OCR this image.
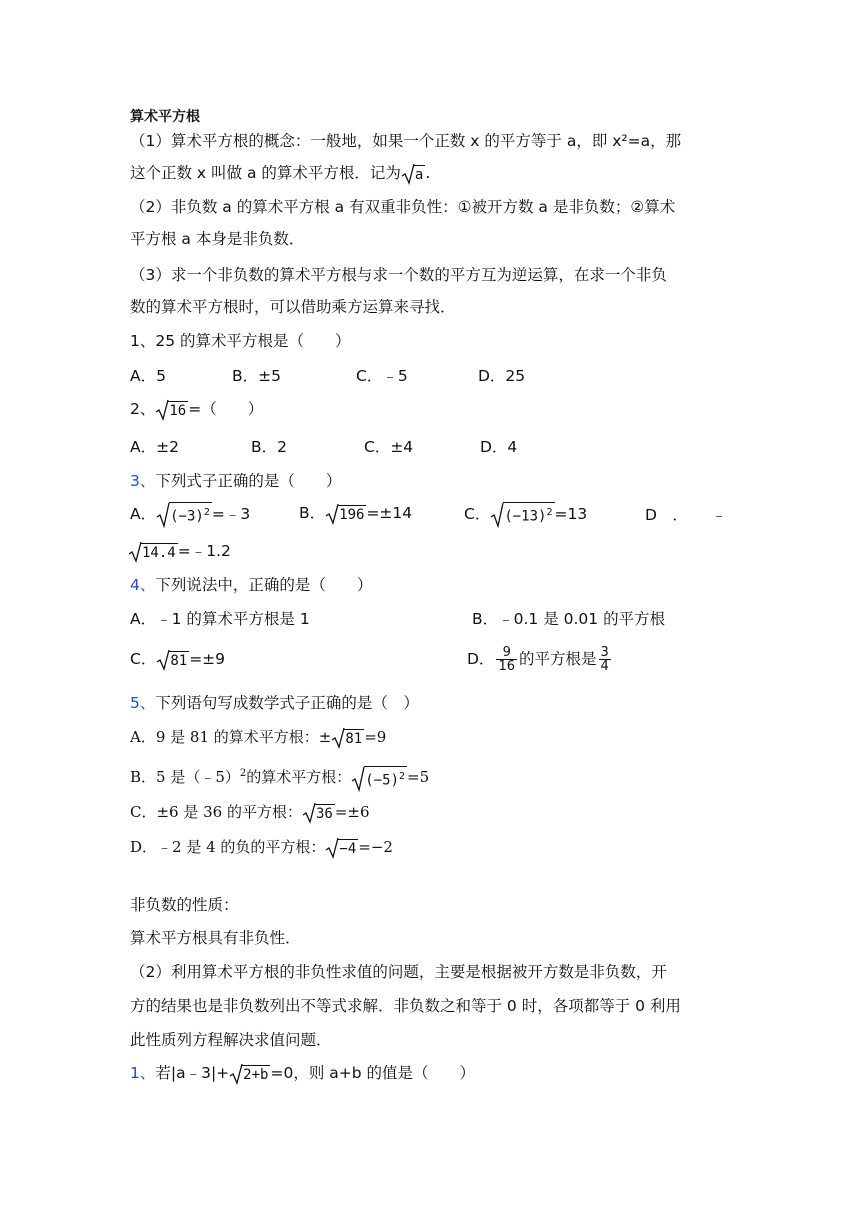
算术平方根
（1）算术平方根的概念：一般地，如果一个正数 x 的平方等于 a，即 x²=a，那
这个正数 x 叫做 a 的算术平方根．记为 a .
（2）非负数 a 的算术平方根 a 有双重非负性：①被开方数 a 是非负数；②算术
平方根 a 本身是非负数．
（3）求一个非负数的算术平方根与求一个数的平方互为逆运算，在求一个非负
数的算术平方根时，可以借助乘方运算来寻找．
1、25 的算术平方根是（　　）
A．5	B．±5	C．﹣5	D．25
2、 16 =（　　）
A．±2	B．2	C．±4	D．4
3、下列式子正确的是（　　）
A． $(-3)^2$ =﹣3	B． 196 =±14	C． $(-13)^2 =13$	D　．　　﹣
14.4 =﹣1.2
4、下列说法中，正确的是（　　）
A．﹣1 的算术平方根是 1	B．﹣0.1 是 0.01 的平方根
C． 81 =±9	D． $\frac{9}{16}$ 的平方根是 $\frac{3}{4}$
5、下列语句写成数学式子正确的是（　）
A．9 是 81 的算术平方根：± 81 =9
B．5 是（﹣5）$^2$的算术平方根： $(-5)^2 =5$
C．±6 是 36 的平方根： 36 =±6
D．﹣2 是 4 的负的平方根： −4 =−2
非负数的性质：
算术平方根具有非负性．
（2）利用算术平方根的非负性求值的问题，主要是根据被开方数是非负数，开
方的结果也是非负数列出不等式求解．非负数之和等于 0 时，各项都等于 0 利用
此性质列方程解决求值问题．
1、若|a﹣3|+ 2+b =0，则 a+b 的值是（　　）
